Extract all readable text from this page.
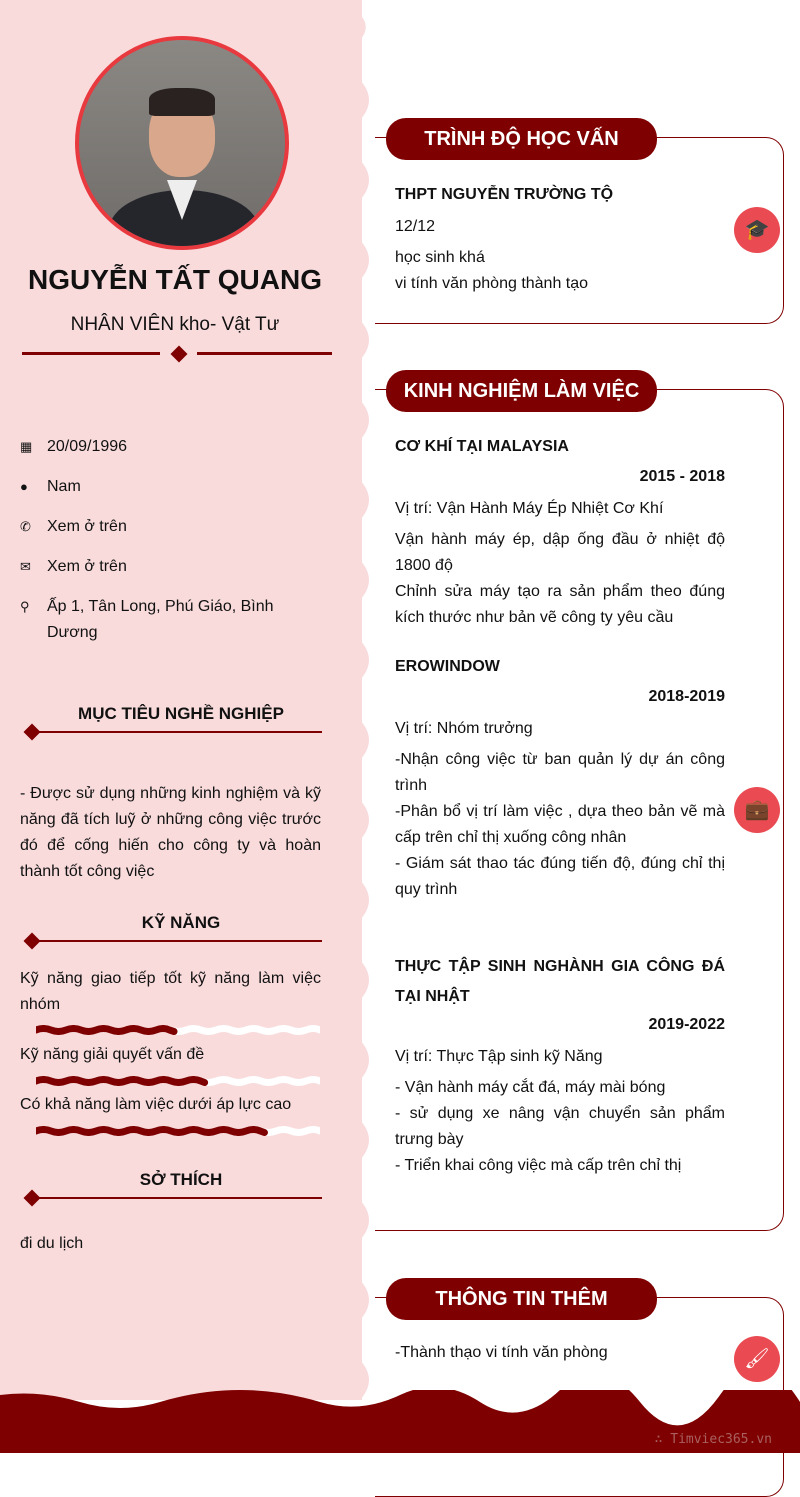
NGUYỄN TẤT QUANG
NHÂN VIÊN kho- Vật Tư
▦ 20/09/1996
●	Nam
✆	Xem ở trên
✉	Xem ở trên
⚲	Ấp 1, Tân Long, Phú Giáo, Bình Dương
MỤC TIÊU NGHỀ NGHIỆP
- Được sử dụng những kinh nghiệm và kỹ năng đã tích luỹ ở những công việc trước đó để cống hiến cho công ty và hoàn thành tốt công việc
KỸ NĂNG
Kỹ năng giao tiếp tốt kỹ năng làm việc nhóm
Kỹ năng giải quyết vấn đề
Có khả năng làm việc dưới áp lực cao
SỞ THÍCH
đi du lịch
TRÌNH ĐỘ HỌC VẤN
THPT NGUYỄN TRƯỜNG TỘ
12/12
học sinh khá
vi tính văn phòng thành tạo
🎓
KINH NGHIỆM LÀM VIỆC
CƠ KHÍ TẠI MALAYSIA
2015 - 2018
Vị trí: Vận Hành Máy Ép Nhiệt Cơ Khí
Vận hành máy ép, dập ống đầu ở nhiệt độ 1800 độ
Chỉnh sửa máy tạo ra sản phẩm theo đúng kích thước như bản vẽ công ty yêu cầu
EROWINDOW
2018-2019
Vị trí: Nhóm trưởng
-Nhận công việc từ ban quản lý dự án công trình
-Phân bổ vị trí làm việc , dựa theo bản vẽ mà cấp trên chỉ thị xuống công nhân
- Giám sát thao tác đúng tiến độ, đúng chỉ thị quy trình
💼
THỰC TẬP SINH NGHÀNH GIA CÔNG ĐÁ TẠI NHẬT
2019-2022
Vị trí: Thực Tập sinh kỹ Năng
- Vận hành máy cắt đá, máy mài bóng
- sử dụng xe nâng vận chuyển sản phẩm trưng bày
- Triển khai công việc mà cấp trên chỉ thị
THÔNG TIN THÊM
-Thành thạo vi tính văn phòng	🖌
∴ Timviec365.vn
